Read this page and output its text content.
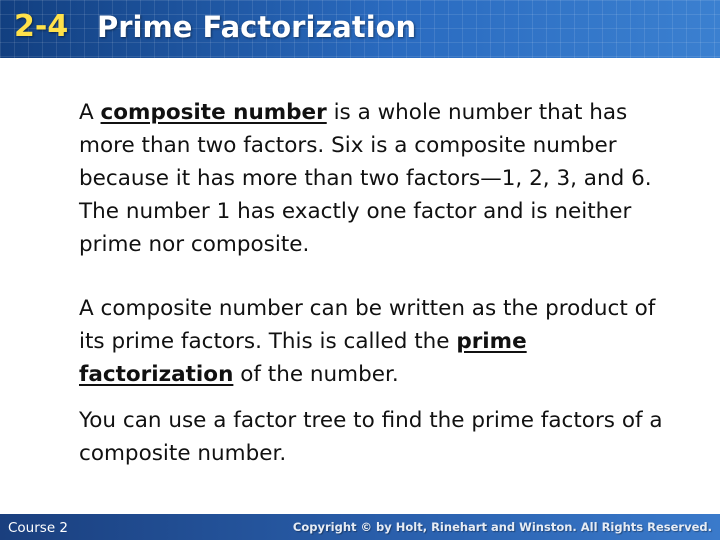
2-4 Prime Factorization

A composite number is a whole number that has more than two factors. Six is a composite number because it has more than two factors—1, 2, 3, and 6. The number 1 has exactly one factor and is neither prime nor composite.

A composite number can be written as the product of its prime factors. This is called the prime factorization of the number.

You can use a factor tree to find the prime factors of a composite number.

Course 2	Copyright © by Holt, Rinehart and Winston. All Rights Reserved.
